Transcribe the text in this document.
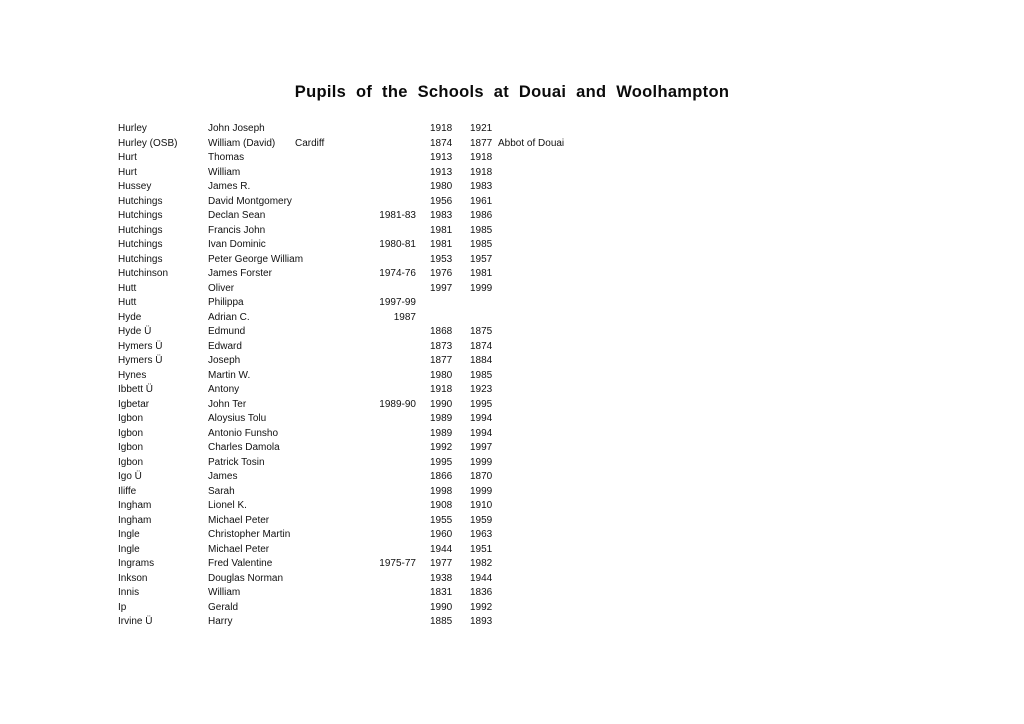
Pupils of the Schools at Douai and Woolhampton
Hurley	John Joseph	1918	1921
Hurley (OSB)	William (David)	Cardiff	1874	1877 Abbot of Douai
Hurt	Thomas	1913	1918
Hurt	William	1913	1918
Hussey	James R.	1980	1983
Hutchings	David Montgomery	1956	1961
Hutchings	Declan Sean	1981-83	1983	1986
Hutchings	Francis John	1981	1985
Hutchings	Ivan Dominic	1980-81	1981	1985
Hutchings	Peter George William	1953	1957
Hutchinson	James Forster	1974-76	1976	1981
Hutt	Oliver	1997	1999
Hutt	Philippa	1997-99
Hyde	Adrian C.	1987
Hyde Ü	Edmund	1868	1875
Hymers Ü	Edward	1873	1874
Hymers Ü	Joseph	1877	1884
Hynes	Martin W.	1980	1985
Ibbett Ü	Antony	1918	1923
Igbetar	John Ter	1989-90	1990	1995
Igbon	Aloysius Tolu	1989	1994
Igbon	Antonio Funsho	1989	1994
Igbon	Charles Damola	1992	1997
Igbon	Patrick Tosin	1995	1999
Igo Ü	James	1866	1870
Iliffe	Sarah	1998	1999
Ingham	Lionel K.	1908	1910
Ingham	Michael Peter	1955	1959
Ingle	Christopher Martin	1960	1963
Ingle	Michael Peter	1944	1951
Ingrams	Fred Valentine	1975-77	1977	1982
Inkson	Douglas Norman	1938	1944
Innis	William	1831	1836
Ip	Gerald	1990	1992
Irvine Ü	Harry	1885	1893
